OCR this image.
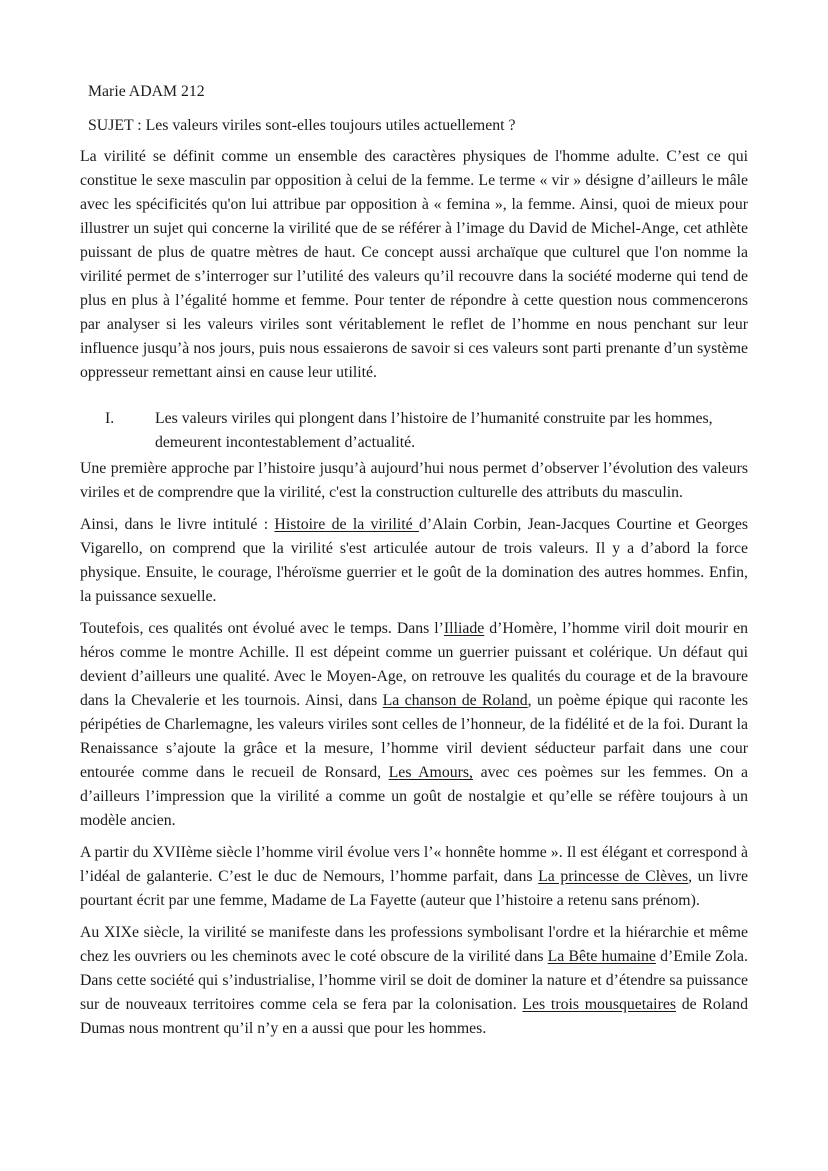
Marie ADAM 212
SUJET : Les valeurs viriles sont-elles toujours utiles actuellement ?

La virilité se définit comme un ensemble des caractères physiques de l'homme adulte. C’est ce qui constitue le sexe masculin par opposition à celui de la femme. Le terme « vir » désigne d’ailleurs le mâle avec les spécificités qu'on lui attribue par opposition à « femina », la femme. Ainsi, quoi de mieux pour illustrer un sujet qui concerne la virilité que de se référer à l’image du David de Michel-Ange, cet athlète puissant de plus de quatre mètres de haut. Ce concept aussi archaïque que culturel que l'on nomme la virilité permet de s’interroger sur l’utilité des valeurs qu’il recouvre dans la société moderne qui tend de plus en plus à l’égalité homme et femme. Pour tenter de répondre à cette question nous commencerons par analyser si les valeurs viriles sont véritablement le reflet de l’homme en nous penchant sur leur influence jusqu’à nos jours, puis nous essaierons de savoir si ces valeurs sont parti prenante d’un système oppresseur remettant ainsi en cause leur utilité.

I.	Les valeurs viriles qui plongent dans l’histoire de l’humanité construite par les hommes, demeurent incontestablement d’actualité.

Une première approche par l’histoire jusqu’à aujourd’hui nous permet d’observer l’évolution des valeurs viriles et de comprendre que la virilité, c'est la construction culturelle des attributs du masculin.

Ainsi, dans le livre intitulé : Histoire de la virilité d’Alain Corbin, Jean-Jacques Courtine et Georges Vigarello, on comprend que la virilité s'est articulée autour de trois valeurs. Il y a d’abord la force physique. Ensuite, le courage, l'héroïsme guerrier et le goût de la domination des autres hommes. Enfin, la puissance sexuelle.

Toutefois, ces qualités ont évolué avec le temps. Dans l’Illiade d’Homère, l’homme viril doit mourir en héros comme le montre Achille. Il est dépeint comme un guerrier puissant et colérique. Un défaut qui devient d’ailleurs une qualité. Avec le Moyen-Age, on retrouve les qualités du courage et de la bravoure dans la Chevalerie et les tournois. Ainsi, dans La chanson de Roland, un poème épique qui raconte les péripéties de Charlemagne, les valeurs viriles sont celles de l’honneur, de la fidélité et de la foi. Durant la Renaissance s’ajoute la grâce et la mesure, l’homme viril devient séducteur parfait dans une cour entourée comme dans le recueil de Ronsard, Les Amours, avec ces poèmes sur les femmes. On a d’ailleurs l’impression que la virilité a comme un goût de nostalgie et qu’elle se réfère toujours à un modèle ancien.

A partir du XVIIème siècle l’homme viril évolue vers l’« honnête homme ». Il est élégant et correspond à l’idéal de galanterie. C’est le duc de Nemours, l’homme parfait, dans La princesse de Clèves, un livre pourtant écrit par une femme, Madame de La Fayette (auteur que l’histoire a retenu sans prénom).

Au XIXe siècle, la virilité se manifeste dans les professions symbolisant l'ordre et la hiérarchie et même chez les ouvriers ou les cheminots avec le coté obscure de la virilité dans La Bête humaine d’Emile Zola. Dans cette société qui s’industrialise, l’homme viril se doit de dominer la nature et d’étendre sa puissance sur de nouveaux territoires comme cela se fera par la colonisation. Les trois mousquetaires de Roland Dumas nous montrent qu’il n’y en a aussi que pour les hommes.
